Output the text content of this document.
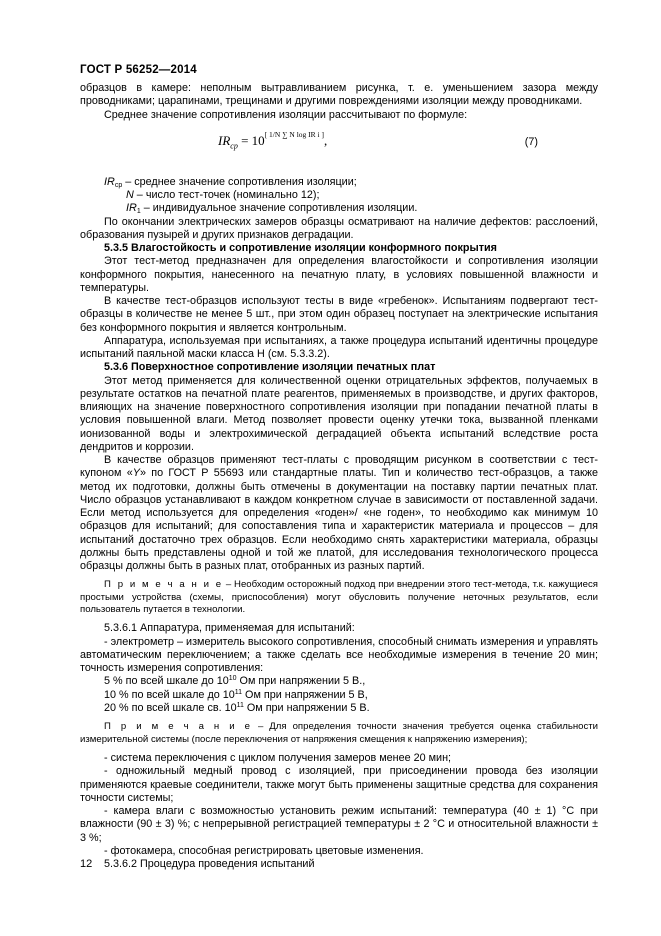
ГОСТ Р 56252—2014

образцов в камере: неполным вытравливанием рисунка, т. е. уменьшением зазора между проводниками; царапинами, трещинами и другими повреждениями изоляции между проводниками.

Среднее значение сопротивления изоляции рассчитывают по формуле:

$IR_{ср} = 10[ 1/N \sum N \log IR i ]$,	(7)

$IR_{ср}$ – среднее значение сопротивления изоляции;

N – число тест-точек (номинально 12);

$IR_1$ – индивидуальное значение сопротивления изоляции.

По окончании электрических замеров образцы осматривают на наличие дефектов: расслоений, образования пузырей и других признаков деградации.

5.3.5 Влагостойкость и сопротивление изоляции конформного покрытия

Этот тест-метод предназначен для определения влагостойкости и сопротивления изоляции конформного покрытия, нанесенного на печатную плату, в условиях повышенной влажности и температуры.

В качестве тест-образцов используют тесты в виде «гребенок». Испытаниям подвергают тест-образцы в количестве не менее 5 шт., при этом один образец поступает на электрические испытания без конформного покрытия и является контрольным.

Аппаратура, используемая при испытаниях, а также процедура испытаний идентичны процедуре испытаний паяльной маски класса Н (см. 5.3.3.2).

5.3.6 Поверхностное сопротивление изоляции печатных плат

Этот метод применяется для количественной оценки отрицательных эффектов, получаемых в результате остатков на печатной плате реагентов, применяемых в производстве, и других факторов, влияющих на значение поверхностного сопротивления изоляции при попадании печатной платы в условия повышенной влаги. Метод позволяет провести оценку утечки тока, вызванной пленками ионизованной воды и электрохимической деградацией объекта испытаний вследствие роста дендритов и коррозии.

В качестве образцов применяют тест-платы с проводящим рисунком в соответствии с тест-купоном «Y» по ГОСТ Р 55693 или стандартные платы. Тип и количество тест-образцов, а также метод их подготовки, должны быть отмечены в документации на поставку партии печатных плат. Число образцов устанавливают в каждом конкретном случае в зависимости от поставленной задачи. Если метод используется для определения «годен»/ «не годен», то необходимо как минимум 10 образцов для испытаний; для сопоставления типа и характеристик материала и процессов – для испытаний достаточно трех образцов. Если необходимо снять характеристики материала, образцы должны быть представлены одной и той же платой, для исследования технологического процесса образцы должны быть в разных плат, отобранных из разных партий.

П р и м е ч а н и е – Необходим осторожный подход при внедрении этого тест-метода, т.к. кажущиеся простыми устройства (схемы, приспособления) могут обусловить получение неточных результатов, если пользователь путается в технологии.

5.3.6.1 Аппаратура, применяемая для испытаний:

- электрометр – измеритель высокого сопротивления, способный снимать измерения и управлять автоматическим переключением; а также сделать все необходимые измерения в течение 20 мин; точность измерения сопротивления:

5 % по всей шкале до $10^{10}$ Ом при напряжении 5 В.,

10 % по всей шкале до $10^{11}$ Ом при напряжении 5 В,

20 % по всей шкале св. $10^{11}$ Ом при напряжении 5 В.

П р и м е ч а н и е – Для определения точности значения требуется оценка стабильности измерительной системы (после переключения от напряжения смещения к напряжению измерения);

- система переключения с циклом получения замеров менее 20 мин;

- одножильный медный провод с изоляцией, при присоединении провода без изоляции применяются краевые соединители, также могут быть применены защитные средства для сохранения точности системы;

- камера влаги с возможностью установить режим испытаний: температура (40 ± 1) °С при влажности (90 ± 3) %; с непрерывной регистрацией температуры ± 2 °С и относительной влажности ± 3 %;

- фотокамера, способная регистрировать цветовые изменения.

5.3.6.2 Процедура проведения испытаний

12
